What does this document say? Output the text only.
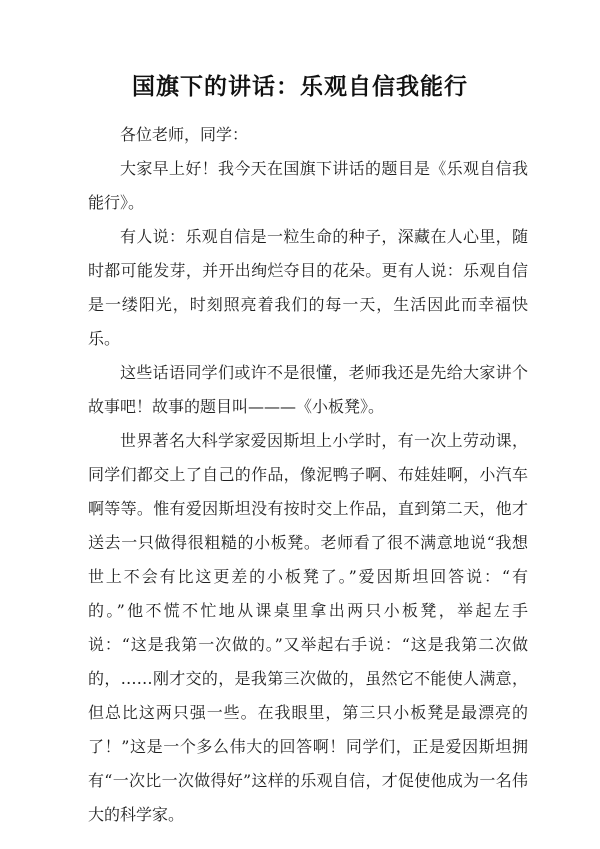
国旗下的讲话：乐观自信我能行

各位老师，同学：

大家早上好！我今天在国旗下讲话的题目是《乐观自信我能行》。

有人说：乐观自信是一粒生命的种子，深藏在人心里，随时都可能发芽，并开出绚烂夺目的花朵。更有人说：乐观自信是一缕阳光，时刻照亮着我们的每一天，生活因此而幸福快乐。

这些话语同学们或许不是很懂，老师我还是先给大家讲个故事吧！故事的题目叫———《小板凳》。

世界著名大科学家爱因斯坦上小学时，有一次上劳动课，同学们都交上了自己的作品，像泥鸭子啊、布娃娃啊，小汽车啊等等。惟有爱因斯坦没有按时交上作品，直到第二天，他才送去一只做得很粗糙的小板凳。老师看了很不满意地说“我想世上不会有比这更差的小板凳了。”爱因斯坦回答说：“有的。”他不慌不忙地从课桌里拿出两只小板凳，举起左手说：“这是我第一次做的。”又举起右手说：“这是我第二次做的，……刚才交的，是我第三次做的，虽然它不能使人满意，但总比这两只强一些。在我眼里，第三只小板凳是最漂亮的了！”这是一个多么伟大的回答啊！同学们，正是爱因斯坦拥有“一次比一次做得好”这样的乐观自信，才促使他成为一名伟大的科学家。
